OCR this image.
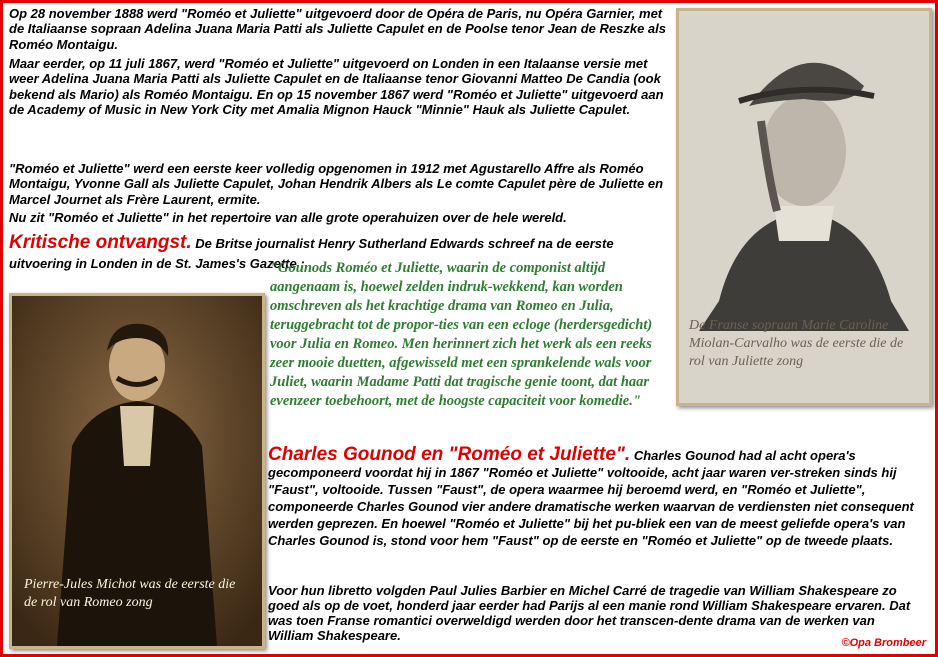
Op 28 november 1888 werd "Roméo et Juliette" uitgevoerd door de Opéra de Paris, nu Opéra Garnier, met de Italiaanse sopraan Adelina Juana Maria Patti als Juliette Capulet en de Poolse tenor Jean de Reszke als Roméo Montaigu.

Maar eerder, op 11 juli 1867, werd "Roméo et Juliette" uitgevoerd on Londen in een Italaanse versie met weer Adelina Juana Maria Patti als Juliette Capulet en de Italiaanse tenor Giovanni Matteo De Candia (ook bekend als Mario) als Roméo Montaigu. En op 15 november 1867 werd "Roméo et Juliette" uitgevoerd aan de Academy of Music in New York City met Amalia Mignon Hauck "Minnie" Hauk als Juliette Capulet.

"Roméo et Juliette" werd een eerste keer volledig opgenomen in 1912 met Agustarello Affre als Roméo Montaigu, Yvonne Gall als Juliette Capulet, Johan Hendrik Albers als Le comte Capulet père de Juliette en Marcel Journet als Frère Laurent, ermite.

Nu zit "Roméo et Juliette" in het repertoire van alle grote operahuizen over de hele wereld.

Kritische ontvangst. De Britse journalist Henry Sutherland Edwards schreef na de eerste uitvoering in Londen in de St. James's Gazette :

"Gounods Roméo et Juliette, waarin de componist altijd aangenaam is, hoewel zelden indruk-wekkend, kan worden omschreven als het krachtige drama van Romeo en Julia, teruggebracht tot de propor-ties van een ecloge (herdersgedicht) voor Julia en Romeo. Men herinnert zich het werk als een reeks zeer mooie duetten, afgewisseld met een sprankelende wals voor Juliet, waarin Madame Patti dat tragische genie toont, dat haar evenzeer toebehoort, met de hoogste capaciteit voor komedie."

Charles Gounod en "Roméo et Juliette". Charles Gounod had al acht opera's gecomponeerd voordat hij in 1867 "Roméo et Juliette" voltooide, acht jaar waren ver-streken sinds hij "Faust", voltooide. Tussen "Faust", de opera waarmee hij beroemd werd, en "Roméo et Juliette", componeerde Charles Gounod vier andere dramatische werken waarvan de verdiensten niet consequent werden geprezen. En hoewel "Roméo et Juliette" bij het pu-bliek een van de meest geliefde opera's van Charles Gounod is, stond voor hem "Faust" op de eerste en "Roméo et Juliette" op de tweede plaats.

Voor hun libretto volgden Paul Julies Barbier en Michel Carré de tragedie van William Shakespeare zo goed als op de voet, honderd jaar eerder had Parijs al een manie rond William Shakespeare ervaren. Dat was toen Franse romantici overweldigd werden door het transcen-dente drama van de werken van William Shakespeare.

De Franse sopraan Marie Caroline Miolan-Carvalho was de eerste die de rol van Juliette zong

Pierre-Jules Michot was de eerste die de rol van Romeo zong

©Opa Brombeer
